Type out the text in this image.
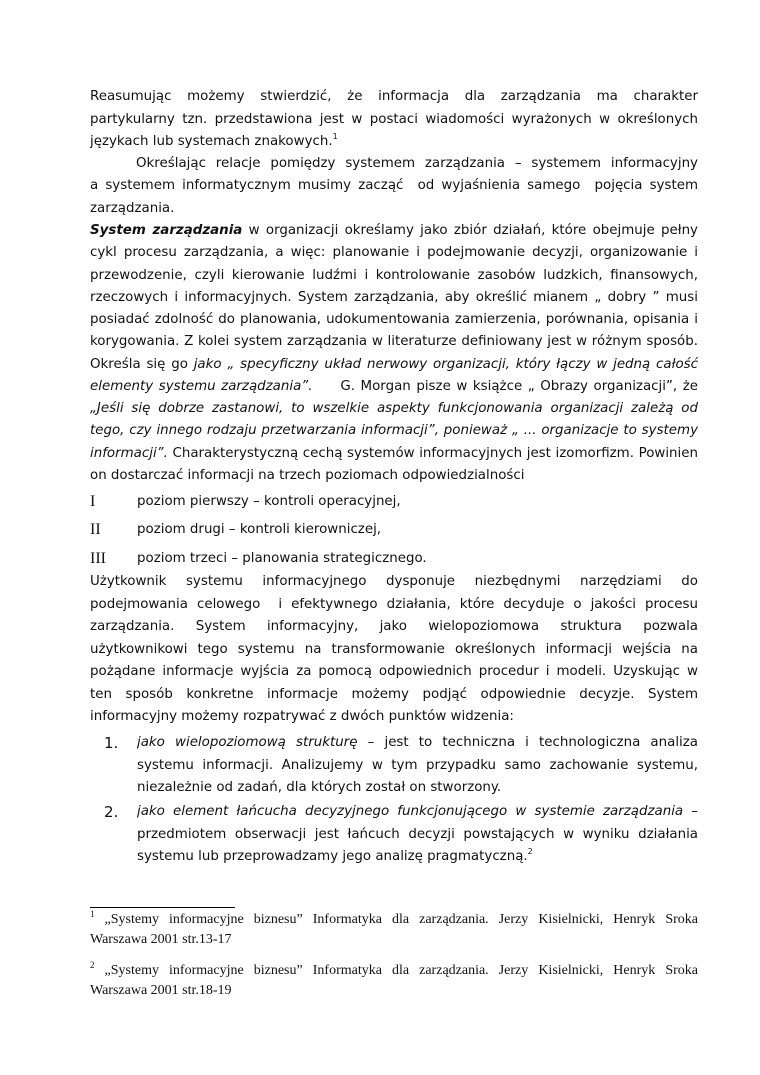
Reasumując możemy stwierdzić, że informacja dla zarządzania ma charakter
partykularny tzn. przedstawiona jest w postaci wiadomości wyrażonych w określonych
językach lub systemach znakowych.$^1$
Określając relacje pomiędzy systemem zarządzania – systemem informacyjny
a systemem informatycznym musimy zacząć  od wyjaśnienia samego  pojęcia system
zarządzania.
System zarządzania w organizacji określamy jako zbiór działań, które obejmuje pełny
cykl procesu zarządzania, a więc: planowanie i podejmowanie decyzji, organizowanie i
przewodzenie, czyli kierowanie ludźmi i kontrolowanie zasobów ludzkich, finansowych,
rzeczowych i informacyjnych. System zarządzania, aby określić mianem „ dobry ” musi
posiadać zdolność do planowania, udokumentowania zamierzenia, porównania, opisania i
korygowania. Z kolei system zarządzania w literaturze definiowany jest w różnym sposób.
Określa się go jako „ specyficzny układ nerwowy organizacji, który łączy w jedną całość
elementy systemu zarządzania”.     G. Morgan pisze w książce „ Obrazy organizacji”, że
„Jeśli się dobrze zastanowi, to wszelkie aspekty funkcjonowania organizacji zależą od
tego, czy innego rodzaju przetwarzania informacji”, ponieważ „ ... organizacje to systemy
informacji”. Charakterystyczną cechą systemów informacyjnych jest izomorfizm. Powinien
on dostarczać informacji na trzech poziomach odpowiedzialności
Użytkownik systemu informacyjnego dysponuje niezbędnymi narzędziami do
podejmowania celowego  i efektywnego działania, które decyduje o jakości procesu
zarządzania. System informacyjny, jako wielopoziomowa struktura pozwala
użytkownikowi tego systemu na transformowanie określonych informacji wejścia na
pożądane informacje wyjścia za pomocą odpowiednich procedur i modeli. Uzyskując w
ten sposób konkretne informacje możemy podjąć odpowiednie decyzje. System
informacyjny możemy rozpatrywać z dwóch punktów widzenia:
jako wielopoziomową strukturę – jest to techniczna i technologiczna analiza
systemu informacji. Analizujemy w tym przypadku samo zachowanie systemu,
niezależnie od zadań, dla których został on stworzony.
jako element łańcucha decyzyjnego funkcjonującego w systemie zarządzania –
przedmiotem obserwacji jest łańcuch decyzji powstających w wyniku działania
systemu lub przeprowadzamy jego analizę pragmatyczną.$^2$
I	poziom pierwszy – kontroli operacyjnej,
II	poziom drugi – kontroli kierowniczej,
III poziom trzeci – planowania strategicznego.
1.
2.
$^1$ „Systemy informacyjne biznesu” Informatyka dla zarządzania. Jerzy Kisielnicki, Henryk Sroka
Warszawa 2001 str.13-17
$^2$ „Systemy informacyjne biznesu” Informatyka dla zarządzania. Jerzy Kisielnicki, Henryk Sroka
Warszawa 2001 str.18-19
